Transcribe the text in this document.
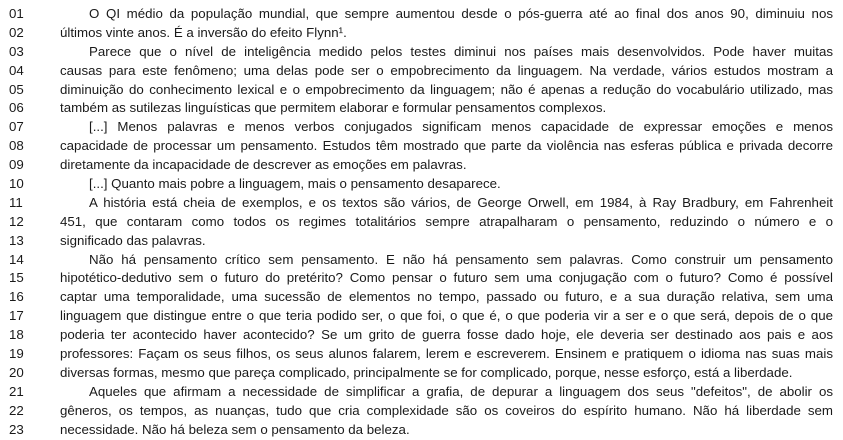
01	O QI médio da população mundial, que sempre aumentou desde o pós-guerra até ao final dos anos 90, diminuiu nos
02	últimos vinte anos. É a inversão do efeito Flynn¹.
03	Parece que o nível de inteligência medido pelos testes diminui nos países mais desenvolvidos. Pode haver muitas
04	causas para este fenômeno; uma delas pode ser o empobrecimento da linguagem. Na verdade, vários estudos mostram a
05	diminuição do conhecimento lexical e o empobrecimento da linguagem; não é apenas a redução do vocabulário utilizado, mas
06	também as sutilezas linguísticas que permitem elaborar e formular pensamentos complexos.
07	[...] Menos palavras e menos verbos conjugados significam menos capacidade de expressar emoções e menos
08	capacidade de processar um pensamento. Estudos têm mostrado que parte da violência nas esferas pública e privada decorre
09	diretamente da incapacidade de descrever as emoções em palavras.
10	[...] Quanto mais pobre a linguagem, mais o pensamento desaparece.
11	A história está cheia de exemplos, e os textos são vários, de George Orwell, em 1984, à Ray Bradbury, em Fahrenheit
12	451, que contaram como todos os regimes totalitários sempre atrapalharam o pensamento, reduzindo o número e o
13	significado das palavras.
14	Não há pensamento crítico sem pensamento. E não há pensamento sem palavras. Como construir um pensamento
15	hipotético-dedutivo sem o futuro do pretérito? Como pensar o futuro sem uma conjugação com o futuro? Como é possível
16	captar uma temporalidade, uma sucessão de elementos no tempo, passado ou futuro, e a sua duração relativa, sem uma
17	linguagem que distingue entre o que teria podido ser, o que foi, o que é, o que poderia vir a ser e o que será, depois de o que
18	poderia ter acontecido haver acontecido? Se um grito de guerra fosse dado hoje, ele deveria ser destinado aos pais e aos
19	professores: Façam os seus filhos, os seus alunos falarem, lerem e escreverem. Ensinem e pratiquem o idioma nas suas mais
20	diversas formas, mesmo que pareça complicado, principalmente se for complicado, porque, nesse esforço, está a liberdade.
21	Aqueles que afirmam a necessidade de simplificar a grafia, de depurar a linguagem dos seus "defeitos", de abolir os
22	gêneros, os tempos, as nuanças, tudo que cria complexidade são os coveiros do espírito humano. Não há liberdade sem
23	necessidade. Não há beleza sem o pensamento da beleza.
